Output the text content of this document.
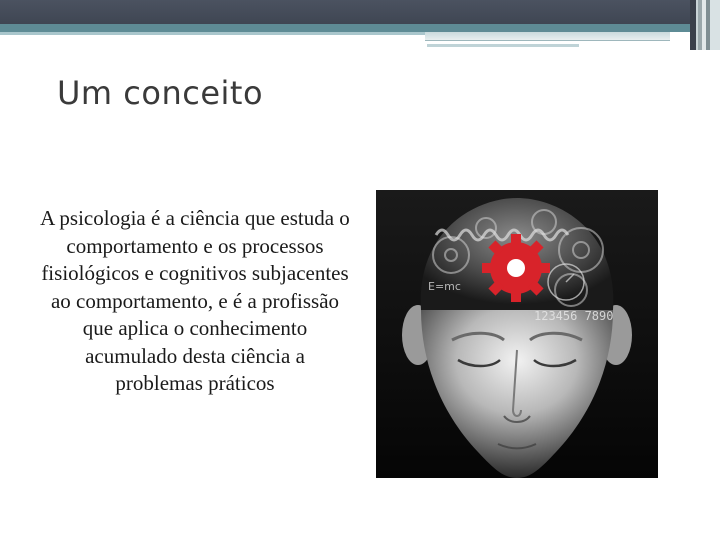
Um conceito
A psicologia é a ciência que estuda o comportamento e os processos fisiológicos e cognitivos subjacentes ao comportamento, e é a profissão que aplica o conhecimento acumulado desta ciência a problemas práticos
E=mc
123456 7890
